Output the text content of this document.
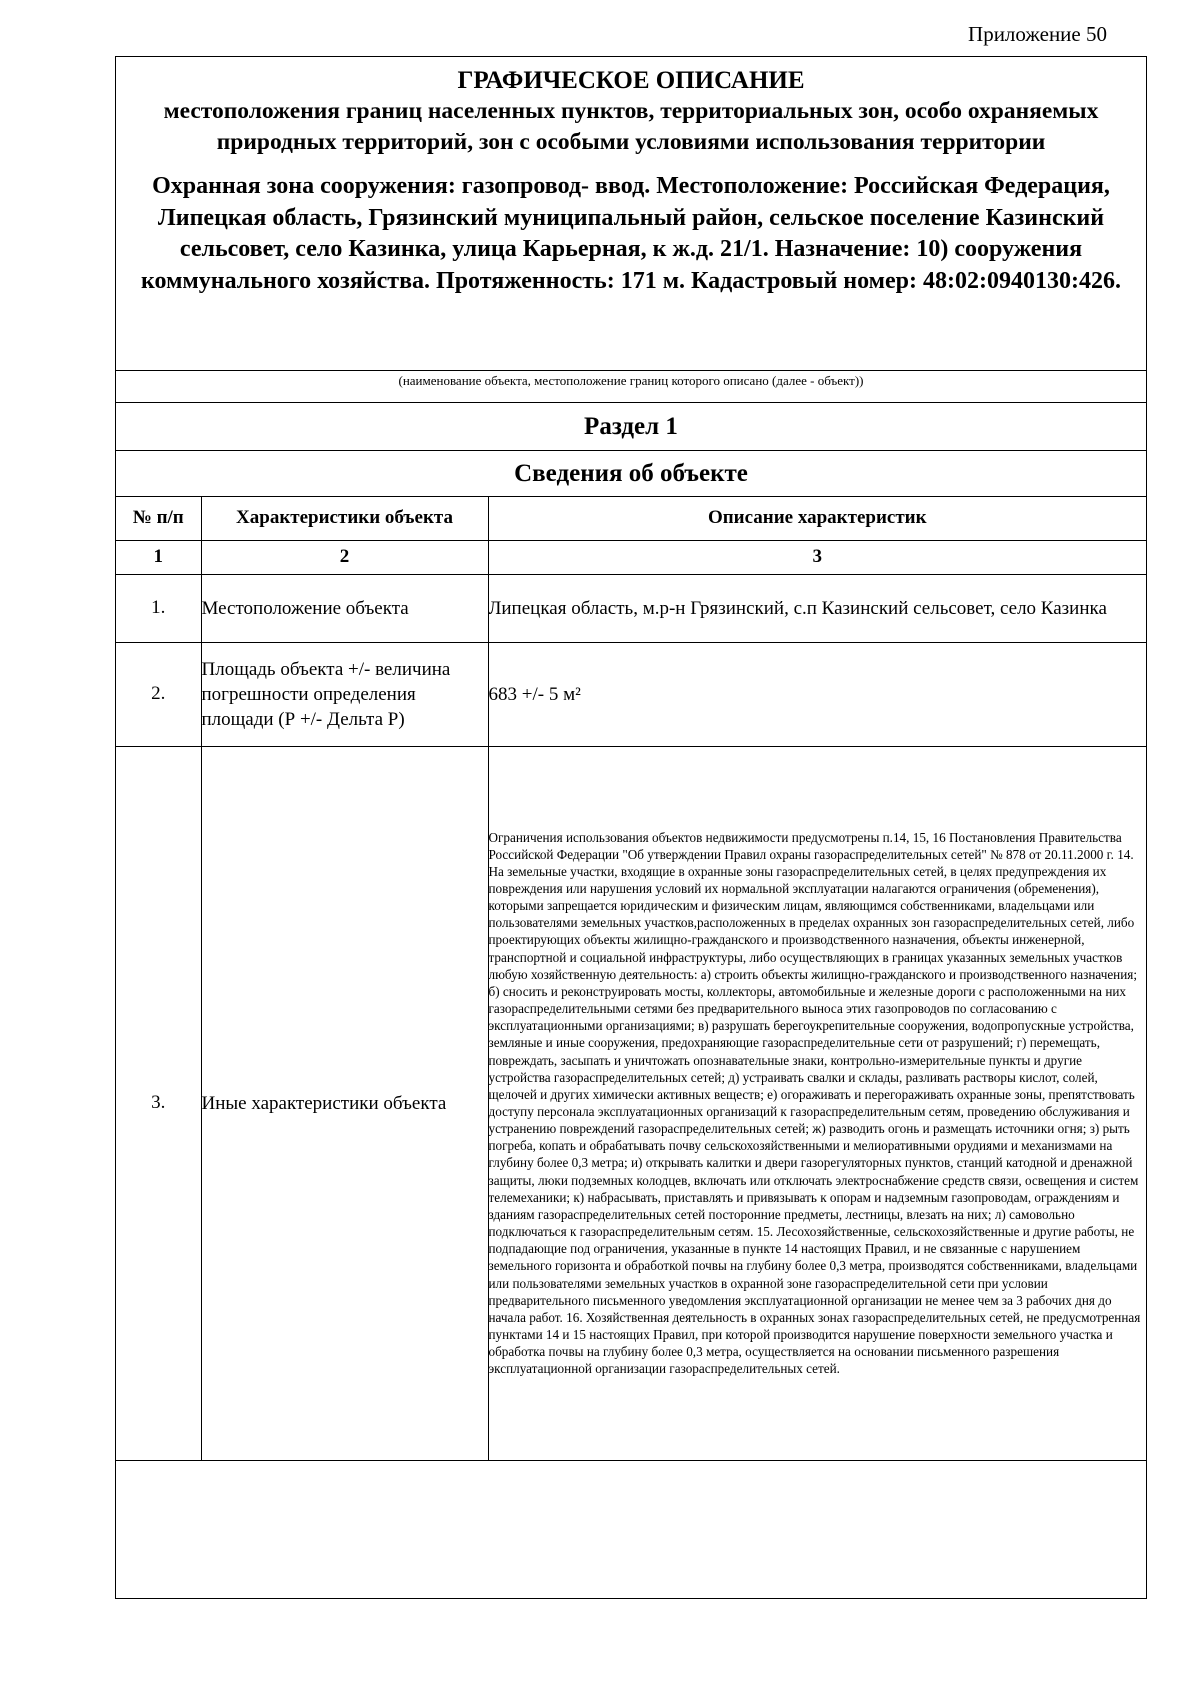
Приложение 50
ГРАФИЧЕСКОЕ ОПИСАНИЕ
местоположения границ населенных пунктов, территориальных зон, особо охраняемых природных территорий, зон с особыми условиями использования территории
Охранная зона сооружения: газопровод- ввод. Местоположение: Российская Федерация, Липецкая область, Грязинский муниципальный район, сельское поселение Казинский сельсовет, село Казинка, улица Карьерная, к ж.д. 21/1. Назначение: 10) сооружения коммунального хозяйства. Протяженность: 171 м. Кадастровый номер: 48:02:0940130:426.
(наименование объекта, местоположение границ которого описано (далее - объект))
Раздел 1
Сведения об объекте
№ п/п	Характеристики объекта	Описание характеристик
1	2	3
1.	Местоположение объекта	Липецкая область, м.р-н Грязинский, с.п Казинский сельсовет, село Казинка
2.	Площадь объекта +/- величина погрешности определения площади (Р +/- Дельта Р)	683 +/- 5 м²
3.	Иные характеристики объекта	Ограничения использования объектов недвижимости предусмотрены п.14, 15, 16 Постановления Правительства Российской Федерации "Об утверждении Правил охраны газораспределительных сетей" № 878 от 20.11.2000 г. 14. На земельные участки, входящие в охранные зоны газораспределительных сетей, в целях предупреждения их повреждения или нарушения условий их нормальной эксплуатации налагаются ограничения (обременения), которыми запрещается юридическим и физическим лицам, являющимся собственниками, владельцами или пользователями земельных участков,расположенных в пределах охранных зон газораспределительных сетей, либо проектирующих объекты жилищно-гражданского и производственного назначения, объекты инженерной, транспортной и социальной инфраструктуры, либо осуществляющих в границах указанных земельных участков любую хозяйственную деятельность: а) строить объекты жилищно-гражданского и производственного назначения; б) сносить и реконструировать мосты, коллекторы, автомобильные и железные дороги с расположенными на них газораспределительными сетями без предварительного выноса этих газопроводов по согласованию с эксплуатационными организациями; в) разрушать берегоукрепительные сооружения, водопропускные устройства, земляные и иные сооружения, предохраняющие газораспределительные сети от разрушений; г) перемещать, повреждать, засыпать и уничтожать опознавательные знаки, контрольно-измерительные пункты и другие устройства газораспределительных сетей; д) устраивать свалки и склады, разливать растворы кислот, солей, щелочей и других химически активных веществ; е) огораживать и перегораживать охранные зоны, препятствовать доступу персонала эксплуатационных организаций к газораспределительным сетям, проведению обслуживания и устранению повреждений газораспределительных сетей; ж) разводить огонь и размещать источники огня; з) рыть погреба, копать и обрабатывать почву сельскохозяйственными и мелиоративными орудиями и механизмами на глубину более 0,3 метра; и) открывать калитки и двери газорегуляторных пунктов, станций катодной и дренажной защиты, люки подземных колодцев, включать или отключать электроснабжение средств связи, освещения и систем телемеханики; к) набрасывать, приставлять и привязывать к опорам и надземным газопроводам, ограждениям и зданиям газораспределительных сетей посторонние предметы, лестницы, влезать на них; л) самовольно подключаться к газораспределительным сетям. 15. Лесохозяйственные, сельскохозяйственные и другие работы, не подпадающие под ограничения, указанные в пункте 14 настоящих Правил, и не связанные с нарушением земельного горизонта и обработкой почвы на глубину более 0,3 метра, производятся собственниками, владельцами или пользователями земельных участков в охранной зоне газораспределительной сети при условии предварительного письменного уведомления эксплуатационной организации не менее чем за 3 рабочих дня до начала работ. 16. Хозяйственная деятельность в охранных зонах газораспределительных сетей, не предусмотренная пунктами 14 и 15 настоящих Правил, при которой производится нарушение поверхности земельного участка и обработка почвы на глубину более 0,3 метра, осуществляется на основании письменного разрешения эксплуатационной организации газораспределительных сетей.
